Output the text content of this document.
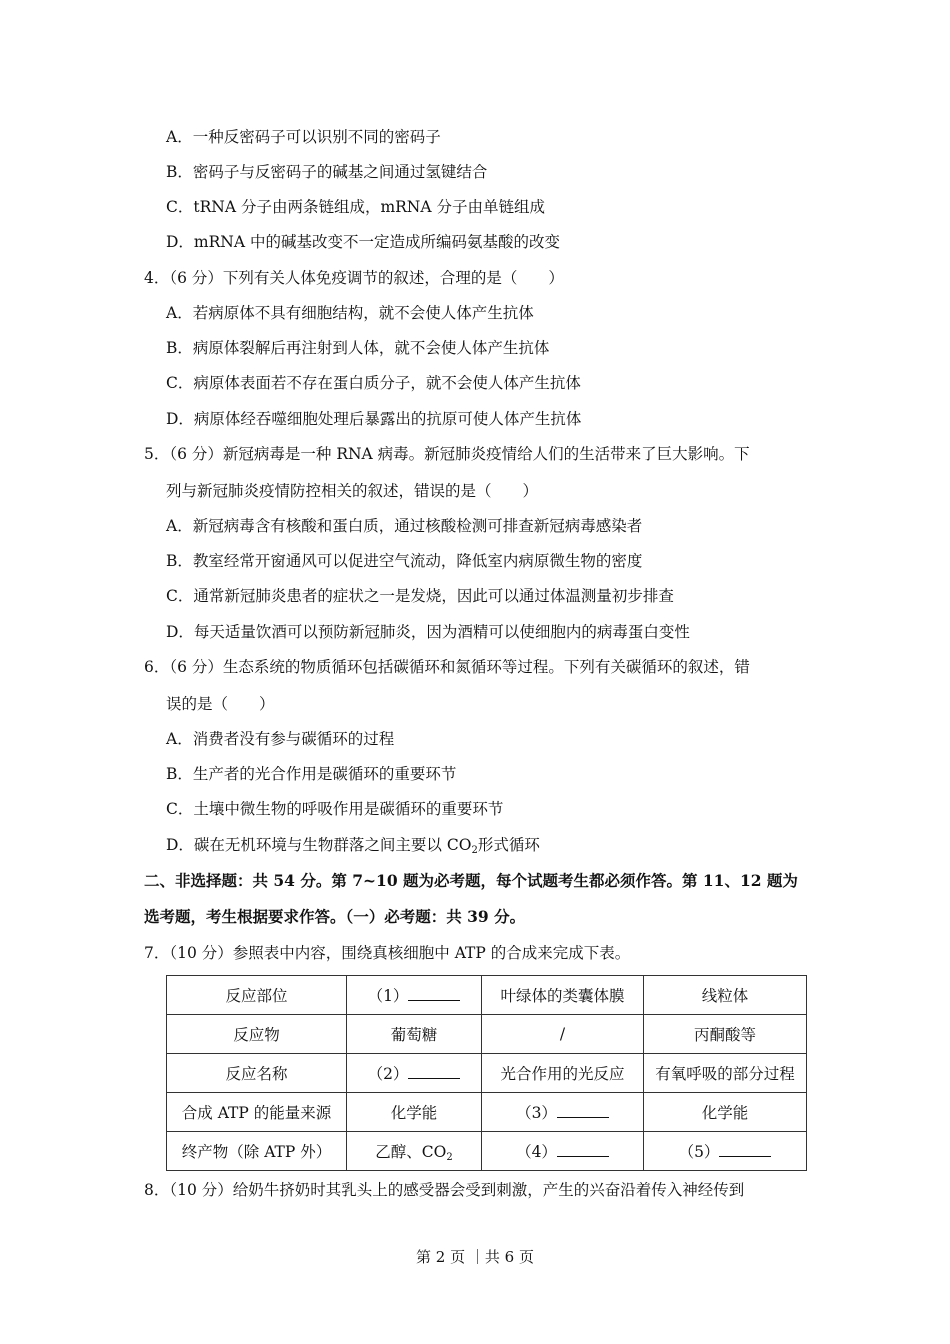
A．一种反密码子可以识别不同的密码子
B．密码子与反密码子的碱基之间通过氢键结合
C．tRNA 分子由两条链组成，mRNA 分子由单链组成
D．mRNA 中的碱基改变不一定造成所编码氨基酸的改变
4．（6 分）下列有关人体免疫调节的叙述，合理的是（　　）
A．若病原体不具有细胞结构，就不会使人体产生抗体
B．病原体裂解后再注射到人体，就不会使人体产生抗体
C．病原体表面若不存在蛋白质分子，就不会使人体产生抗体
D．病原体经吞噬细胞处理后暴露出的抗原可使人体产生抗体
5．（6 分）新冠病毒是一种 RNA 病毒。新冠肺炎疫情给人们的生活带来了巨大影响。下
列与新冠肺炎疫情防控相关的叙述，错误的是（　　）
A．新冠病毒含有核酸和蛋白质，通过核酸检测可排查新冠病毒感染者
B．教室经常开窗通风可以促进空气流动，降低室内病原微生物的密度
C．通常新冠肺炎患者的症状之一是发烧，因此可以通过体温测量初步排查
D．每天适量饮酒可以预防新冠肺炎，因为酒精可以使细胞内的病毒蛋白变性
6．（6 分）生态系统的物质循环包括碳循环和氮循环等过程。下列有关碳循环的叙述，错
误的是（　　）
A．消费者没有参与碳循环的过程
B．生产者的光合作用是碳循环的重要环节
C．土壤中微生物的呼吸作用是碳循环的重要环节
D．碳在无机环境与生物群落之间主要以 $CO_2$形式循环
二、非选择题：共 54 分。第 7~10 题为必考题，每个试题考生都必须作答。第 11、12 题为
选考题，考生根据要求作答。（一）必考题：共 39 分。
7．（10 分）参照表中内容，围绕真核细胞中 ATP 的合成来完成下表。
反应部位	（1）	叶绿体的类囊体膜	线粒体
反应物	葡萄糖	/	丙酮酸等
反应名称	（2）	光合作用的光反应	有氧呼吸的部分过程
合成 ATP 的能量来源	化学能	（3）	化学能
终产物（除 ATP 外）	乙醇、$CO_2$	（4）	（5）
8．（10 分）给奶牛挤奶时其乳头上的感受器会受到刺激，产生的兴奋沿着传入神经传到
第 2 页 ｜共 6 页
